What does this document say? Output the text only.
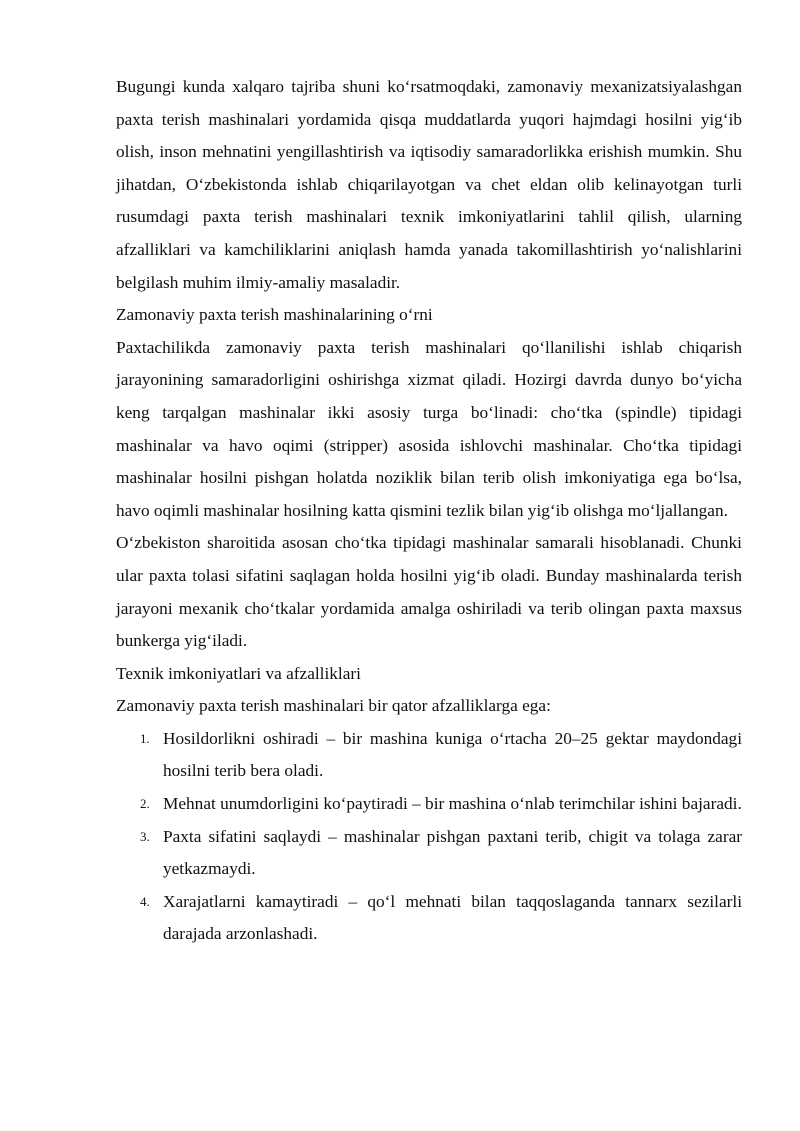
Bugungi kunda xalqaro tajriba shuni ko‘rsatmoqdaki, zamonaviy mexanizatsiyalashgan paxta terish mashinalari yordamida qisqa muddatlarda yuqori hajmdagi hosilni yig‘ib olish, inson mehnatini yengillashtirish va iqtisodiy samaradorlikka erishish mumkin. Shu jihatdan, O‘zbekistonda ishlab chiqarilayotgan va chet eldan olib kelinayotgan turli rusumdagi paxta terish mashinalari texnik imkoniyatlarini tahlil qilish, ularning afzalliklari va kamchiliklarini aniqlash hamda yanada takomillashtirish yo‘nalishlarini belgilash muhim ilmiy-amaliy masaladir.

Zamonaviy paxta terish mashinalarining o‘rni

Paxtachilikda zamonaviy paxta terish mashinalari qo‘llanilishi ishlab chiqarish jarayonining samaradorligini oshirishga xizmat qiladi. Hozirgi davrda dunyo bo‘yicha keng tarqalgan mashinalar ikki asosiy turga bo‘linadi: cho‘tka (spindle) tipidagi mashinalar va havo oqimi (stripper) asosida ishlovchi mashinalar. Cho‘tka tipidagi mashinalar hosilni pishgan holatda noziklik bilan terib olish imkoniyatiga ega bo‘lsa, havo oqimli mashinalar hosilning katta qismini tezlik bilan yig‘ib olishga mo‘ljallangan.

O‘zbekiston sharoitida asosan cho‘tka tipidagi mashinalar samarali hisoblanadi. Chunki ular paxta tolasi sifatini saqlagan holda hosilni yig‘ib oladi. Bunday mashinalarda terish jarayoni mexanik cho‘tkalar yordamida amalga oshiriladi va terib olingan paxta maxsus bunkerga yig‘iladi.

Texnik imkoniyatlari va afzalliklari

Zamonaviy paxta terish mashinalari bir qator afzalliklarga ega:

1. Hosildorlikni oshiradi – bir mashina kuniga o‘rtacha 20–25 gektar maydondagi hosilni terib bera oladi.
2. Mehnat unumdorligini ko‘paytiradi – bir mashina o‘nlab terimchilar ishini bajaradi.
3. Paxta sifatini saqlaydi – mashinalar pishgan paxtani terib, chigit va tolaga zarar yetkazmaydi.
4. Xarajatlarni kamaytiradi – qo‘l mehnati bilan taqqoslaganda tannarx sezilarli darajada arzonlashadi.
